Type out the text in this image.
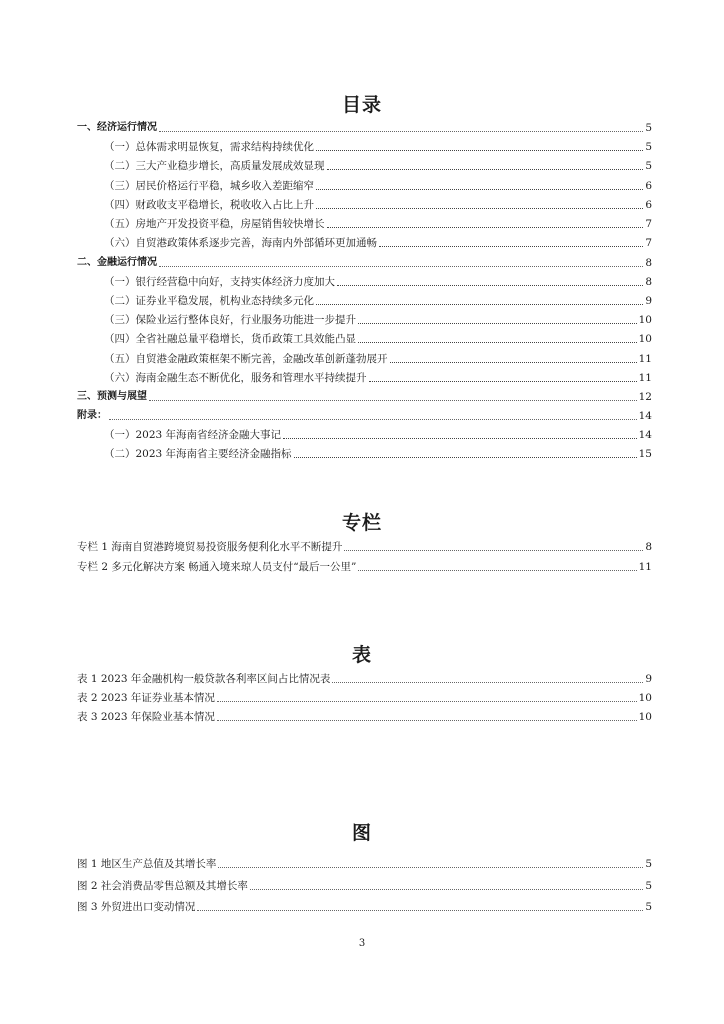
目录
一、经济运行情况	5
（一）总体需求明显恢复，需求结构持续优化	5
（二）三大产业稳步增长，高质量发展成效显现	5
（三）居民价格运行平稳，城乡收入差距缩窄	6
（四）财政收支平稳增长，税收收入占比上升	6
（五）房地产开发投资平稳，房屋销售较快增长	7
（六）自贸港政策体系逐步完善，海南内外部循环更加通畅	7
二、金融运行情况	8
（一）银行经营稳中向好，支持实体经济力度加大	8
（二）证券业平稳发展，机构业态持续多元化	9
（三）保险业运行整体良好，行业服务功能进一步提升	10
（四）全省社融总量平稳增长，货币政策工具效能凸显	10
（五）自贸港金融政策框架不断完善，金融改革创新蓬勃展开	11
（六）海南金融生态不断优化，服务和管理水平持续提升	11
三、预测与展望	12
附录：	14
（一）2023 年海南省经济金融大事记	14
（二）2023 年海南省主要经济金融指标	15
专栏
专栏 1 海南自贸港跨境贸易投资服务便利化水平不断提升	8
专栏 2 多元化解决方案 畅通入境来琼人员支付“最后一公里”	11
表
表 1 2023 年金融机构一般贷款各利率区间占比情况表	9
表 2 2023 年证券业基本情况	10
表 3 2023 年保险业基本情况	10
图
图 1 地区生产总值及其增长率	5
图 2 社会消费品零售总额及其增长率	5
图 3 外贸进出口变动情况	5
3
